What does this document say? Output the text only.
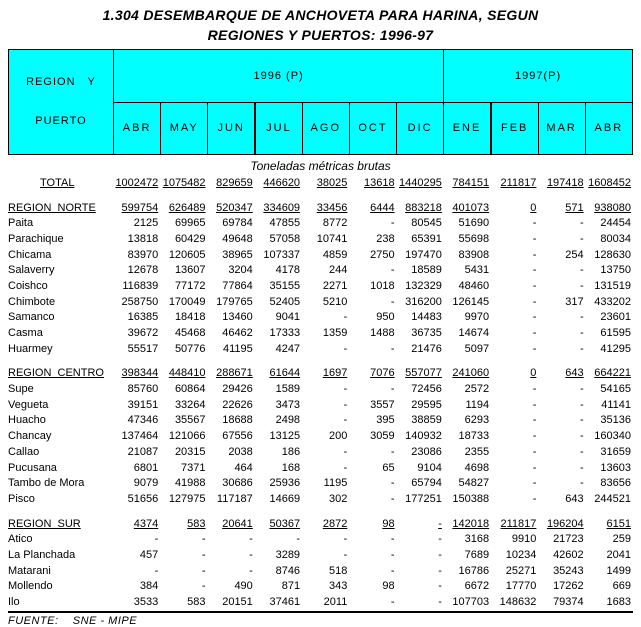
1.304 DESEMBARQUE DE ANCHOVETA PARA HARINA, SEGUN
REGIONES Y PUERTOS: 1996-97

REGION   Y

PUERTO	1996 (P)							1997(P)			
	ABR	MAY	JUN	JUL	AGO	OCT	DIC	ENE	FEB	MAR	ABR
Toneladas métricas brutas
TOTAL	1002472	1075482	829659	446620	38025	13618	1440295	784151	211817	197418	1608452

REGION  NORTE	599754	626489	520347	334609	33456	6444	883218	401073	0	571	938080
Paita	2125	69965	69784	47855	8772	-	80545	51690	-	-	24454
Parachique	13818	60429	49648	57058	10741	238	65391	55698	-	-	80034
Chicama	83970	120605	38965	107337	4859	2750	197470	83908	-	254	128630
Salaverry	12678	13607	3204	4178	244	-	18589	5431	-	-	13750
Coishco	116839	77172	77864	35155	2271	1018	132329	48460	-	-	131519
Chimbote	258750	170049	179765	52405	5210	-	316200	126145	-	317	433202
Samanco	16385	18418	13460	9041	-	950	14483	9970	-	-	23601
Casma	39672	45468	46462	17333	1359	1488	36735	14674	-	-	61595
Huarmey	55517	50776	41195	4247	-	-	21476	5097	-	-	41295

REGION  CENTRO	398344	448410	288671	61644	1697	7076	557077	241060	0	643	664221
Supe	85760	60864	29426	1589	-	-	72456	2572	-	-	54165
Vegueta	39151	33264	22626	3473	-	3557	29595	1194	-	-	41141
Huacho	47346	35567	18688	2498	-	395	38859	6293	-	-	35136
Chancay	137464	121066	67556	13125	200	3059	140932	18733	-	-	160340
Callao	21087	20315	2038	186	-	-	23086	2355	-	-	31659
Pucusana	6801	7371	464	168	-	65	9104	4698	-	-	13603
Tambo de Mora	9079	41988	30686	25936	1195	-	65794	54827	-	-	83656
Pisco	51656	127975	117187	14669	302	-	177251	150388	-	643	244521

REGION  SUR	4374	583	20641	50367	2872	98	-	142018	211817	196204	6151
Atico	-	-	-	-	-	-	-	3168	9910	21723	259
La Planchada	457	-	-	3289	-	-	-	7689	10234	42602	2041
Matarani	-	-	-	8746	518	-	-	16786	25271	35243	1499
Mollendo	384	-	490	871	343	98	-	6672	17770	17262	669
Ilo	3533	583	20151	37461	2011	-	-	107703	148632	79374	1683
FUENTE:    SNE - MIPE
